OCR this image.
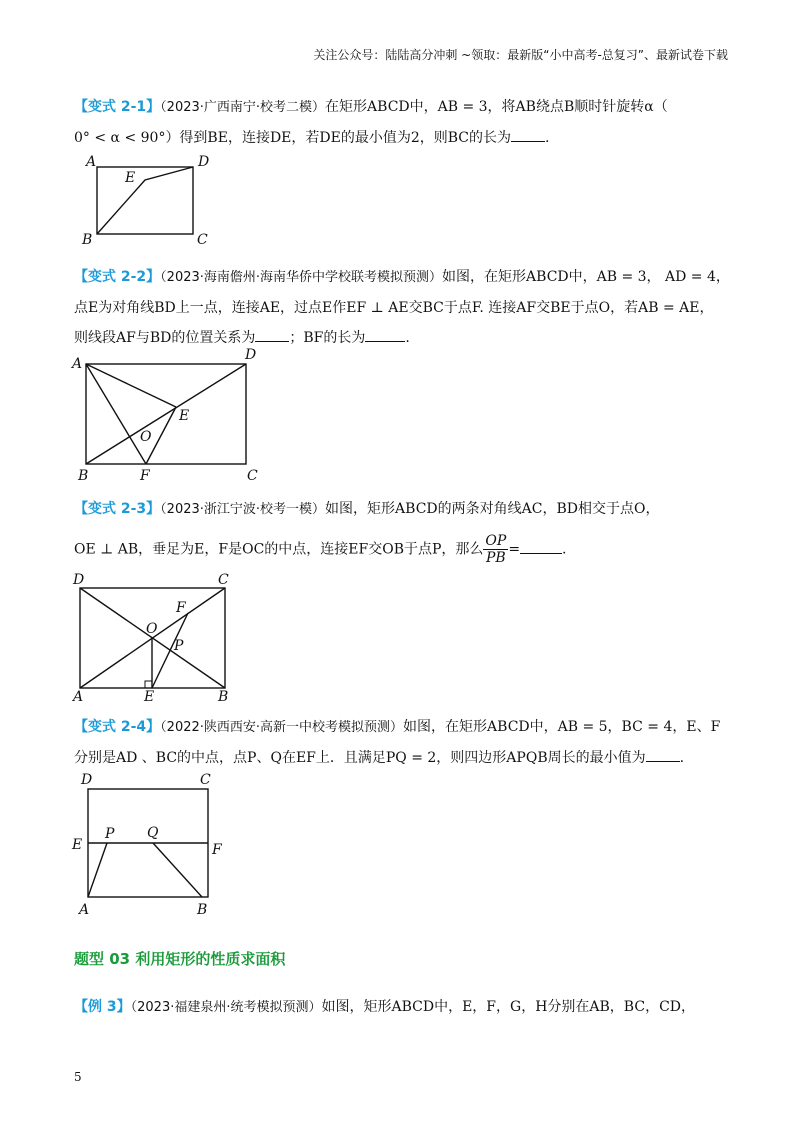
关注公众号：陆陆高分冲刺 ~领取：最新版“小中高考-总复习”、最新试卷下载
【变式 2-1】（2023·广西南宁·校考二模）在矩形ABCD中，AB = 3，将AB绕点B顺时针旋转α（
0° < α < 90°）得到BE，连接DE，若DE的最小值为2，则BC的长为 .
A	D
E
B	C
【变式 2-2】（2023·海南儋州·海南华侨中学校联考模拟预测）如图，在矩形ABCD中，AB = 3， AD = 4，
点E为对角线BD上一点，连接AE，过点E作EF ⊥ AE交BC于点F. 连接AF交BE于点O，若AB = AE，
则线段AF与BD的位置关系为 ；BF的长为	.
A
D
E
O
B	F	C
【变式 2-3】（2023·浙江宁波·校考一模）如图，矩形ABCD的两条对角线AC，BD相交于点O，
OE ⊥ AB，垂足为E，F是OC的中点，连接EF交OB于点P，那么 $\frac{OP}{PB}$ =	.
D	C
F
O
P
A	E	B
【变式 2-4】（2022·陕西西安·高新一中校考模拟预测）如图，在矩形ABCD中，AB = 5，BC = 4，E、F
分别是AD 、BC的中点，点P、Q在EF上．且满足PQ = 2，则四边形APQB周长的最小值为 .
D	C
E
P Q
F
A	B
题型 03 利用矩形的性质求面积
【例 3】（2023·福建泉州·统考模拟预测）如图，矩形ABCD中，E，F，G，H分别在AB，BC，CD，
5
